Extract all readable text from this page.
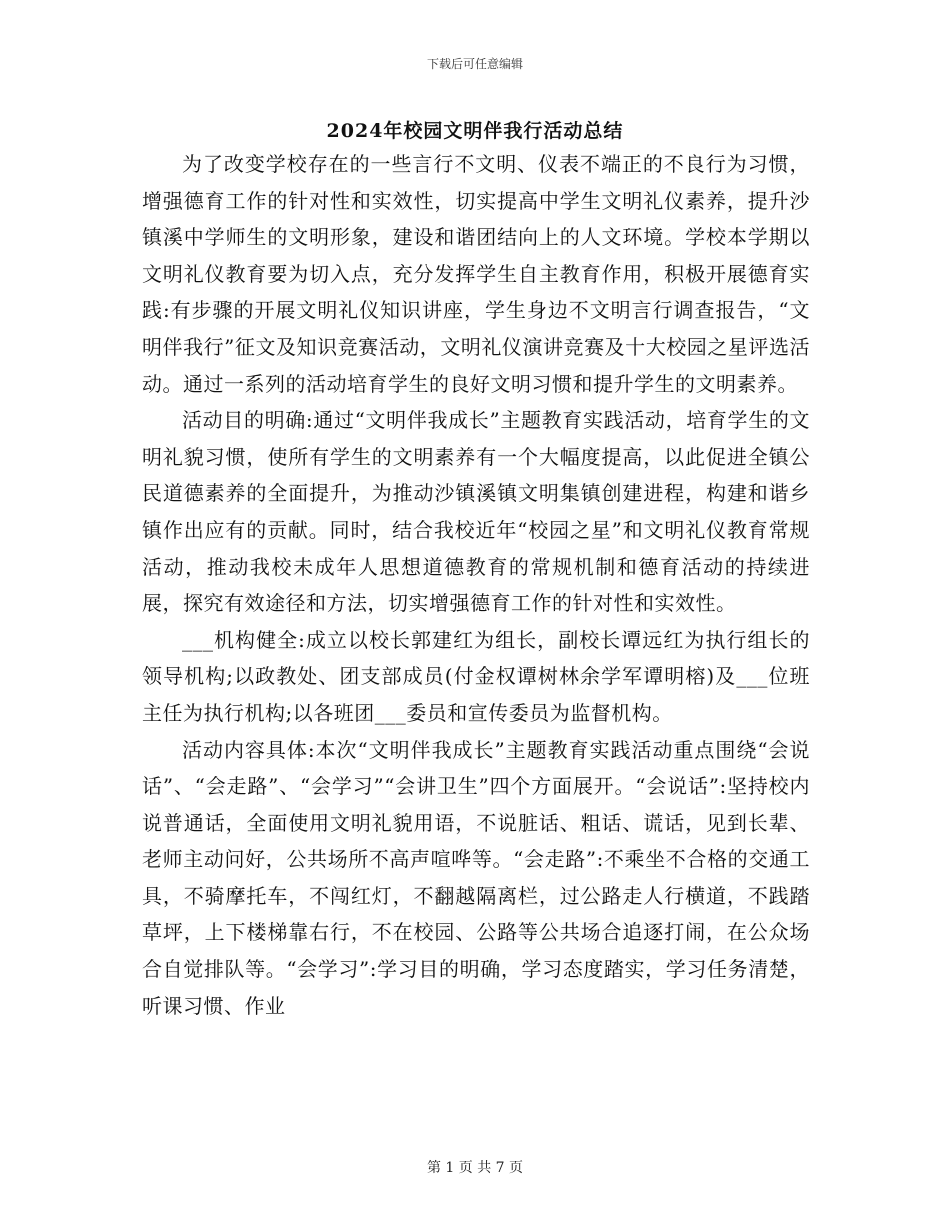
下载后可任意编辑
2024年校园文明伴我行活动总结

为了改变学校存在的一些言行不文明、仪表不端正的不良行为习惯，增强德育工作的针对性和实效性，切实提高中学生文明礼仪素养，提升沙镇溪中学师生的文明形象，建设和谐团结向上的人文环境。学校本学期以文明礼仪教育要为切入点，充分发挥学生自主教育作用，积极开展德育实践:有步骤的开展文明礼仪知识讲座，学生身边不文明言行调查报告，“文明伴我行”征文及知识竞赛活动，文明礼仪演讲竞赛及十大校园之星评选活动。通过一系列的活动培育学生的良好文明习惯和提升学生的文明素养。

活动目的明确:通过“文明伴我成长”主题教育实践活动，培育学生的文明礼貌习惯，使所有学生的文明素养有一个大幅度提高，以此促进全镇公民道德素养的全面提升，为推动沙镇溪镇文明集镇创建进程，构建和谐乡镇作出应有的贡献。同时，结合我校近年“校园之星”和文明礼仪教育常规活动，推动我校未成年人思想道德教育的常规机制和德育活动的持续进展，探究有效途径和方法，切实增强德育工作的针对性和实效性。

___机构健全:成立以校长郭建红为组长，副校长谭远红为执行组长的领导机构;以政教处、团支部成员(付金权谭树林余学军谭明榕)及___位班主任为执行机构;以各班团___委员和宣传委员为监督机构。

活动内容具体:本次“文明伴我成长”主题教育实践活动重点围绕“会说话”、“会走路”、“会学习”“会讲卫生”四个方面展开。“会说话”:坚持校内说普通话，全面使用文明礼貌用语，不说脏话、粗话、谎话，见到长辈、老师主动问好，公共场所不高声喧哗等。“会走路”:不乘坐不合格的交通工具，不骑摩托车，不闯红灯，不翻越隔离栏，过公路走人行横道，不践踏草坪，上下楼梯靠右行，不在校园、公路等公共场合追逐打闹，在公众场合自觉排队等。“会学习”:学习目的明确，学习态度踏实，学习任务清楚，听课习惯、作业

第 1 页 共 7 页
